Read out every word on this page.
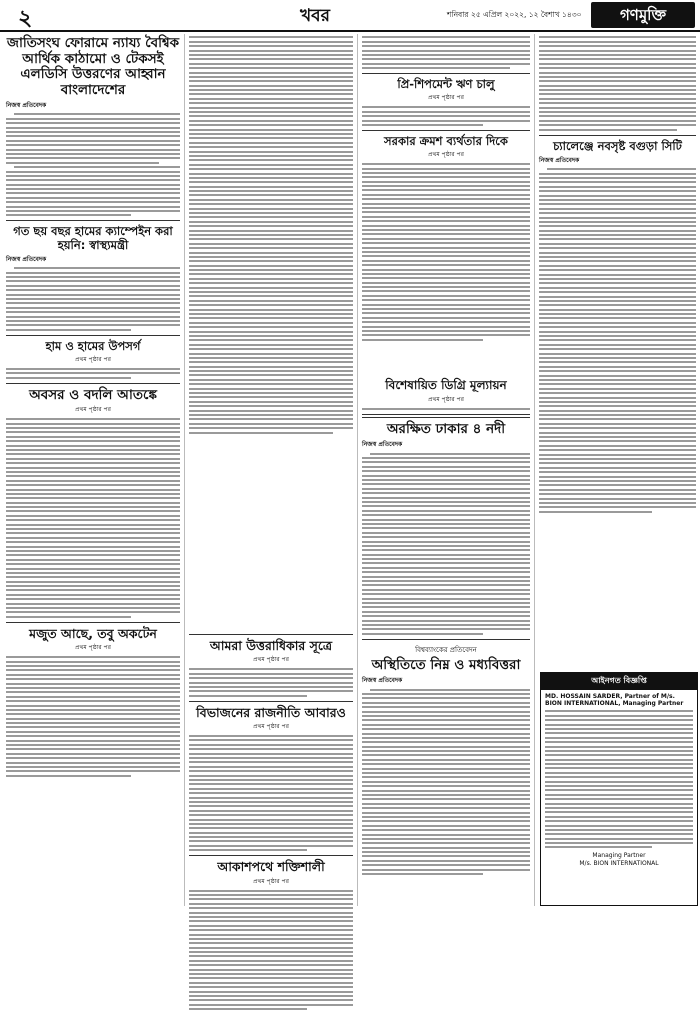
২	খবর	শনিবার ২৫ এপ্রিল ২০২২, ১২ বৈশাখ ১৪৩০	গণমুক্তি
জাতিসংঘ ফোরামে ন্যায্য বৈশ্বিক আর্থিক কাঠামো ও টেকসই এলডিসি উত্তরণের আহ্বান বাংলাদেশের
নিজস্ব প্রতিবেদক
গত ছয় বছর হামের ক্যাম্পেইন করা হয়নি: স্বাস্থ্যমন্ত্রী
নিজস্ব প্রতিবেদক
হাম ও হামের উপসর্গ
প্রথম পৃষ্ঠার পর
অবসর ও বদলি আতঙ্কে
প্রথম পৃষ্ঠার পর
মজুত আছে, তবু অকটেন
প্রথম পৃষ্ঠার পর
প্রি-শিপমেন্ট ঋণ চালু
প্রথম পৃষ্ঠার পর
সরকার ক্রমশ ব্যর্থতার দিকে
প্রথম পৃষ্ঠার পর
চ্যালেঞ্জে নবসৃষ্ট বগুড়া সিটি
নিজস্ব প্রতিবেদক
বিশেষায়িত ডিগ্রি মূল্যায়ন
প্রথম পৃষ্ঠার পর
অরক্ষিত ঢাকার ৪ নদী
নিজস্ব প্রতিবেদক
বিশ্বব্যাংকের প্রতিবেদন
অস্থিতিতে নিম্ন ও মধ্যবিত্তরা
নিজস্ব প্রতিবেদক
আমরা উত্তরাধিকার সূত্রে
প্রথম পৃষ্ঠার পর
বিভাজনের রাজনীতি আবারও
প্রথম পৃষ্ঠার পর
আকাশপথে শক্তিশালী
প্রথম পৃষ্ঠার পর
আইনগত বিজ্ঞপ্তি
MD. HOSSAIN SARDER, Partner of M/s. BION INTERNATIONAL, Managing Partner
Managing Partner
M/s. BION INTERNATIONAL
